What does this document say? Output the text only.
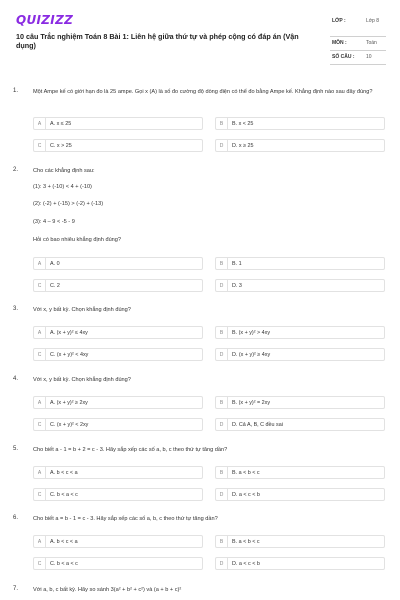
QUIZIZZ
10 câu Trắc nghiệm Toán 8 Bài 1: Liên hệ giữa thứ tự và phép cộng có đáp án (Vận dụng)
LỚP :	Lớp 8
MÔN :	Toán
SỐ CÂU : 10
1.	Một Ampe kế có giới hạn đo là 25 ampe. Gọi x (A) là số đo cường độ dòng điện có thể đo bằng Ampe kế. Khẳng định nào sau đây đúng?
A	A. x ≤ 25	B	B. x < 25
C	C. x > 25	D	D. x ≥ 25
2.	Cho các khẳng định sau:
(1): 3 + (-10) < 4 + (-10)
(2): (-2) + (-15) > (-2) + (-13)
(3): 4 – 9 < -5 - 9
Hỏi có bao nhiêu khẳng định đúng?
A	A. 0	B	B. 1
C	C. 2	D	D. 3
3.	Với x, y bất kỳ. Chọn khẳng định đúng?
A	A. (x + y)² ≤ 4xy	B	B. (x + y)² > 4xy
C	C. (x + y)² < 4xy	D	D. (x + y)² ≥ 4xy
4.	Với x, y bất kỳ. Chọn khẳng định đúng?
A	A. (x + y)² ≥ 2xy	B	B. (x + y)² = 2xy
C	C. (x + y)² < 2xy	D	D. Cả A, B, C đều sai
5.	Cho biết a - 1 = b + 2 = c - 3. Hãy sắp xếp các số a, b, c theo thứ tự tăng dần?
A	A. b < c < a	B	B. a < b < c
C	C. b < a < c	D	D. a < c < b
6.	Cho biết a = b - 1 = c - 3. Hãy sắp xếp các số a, b, c theo thứ tự tăng dần?
A	A. b < c < a	B	B. a < b < c
C	C. b < a < c	D	D. a < c < b
7.	Với a, b, c bất kỳ. Hãy so sánh 3(a² + b² + c²) và (a + b + c)²
